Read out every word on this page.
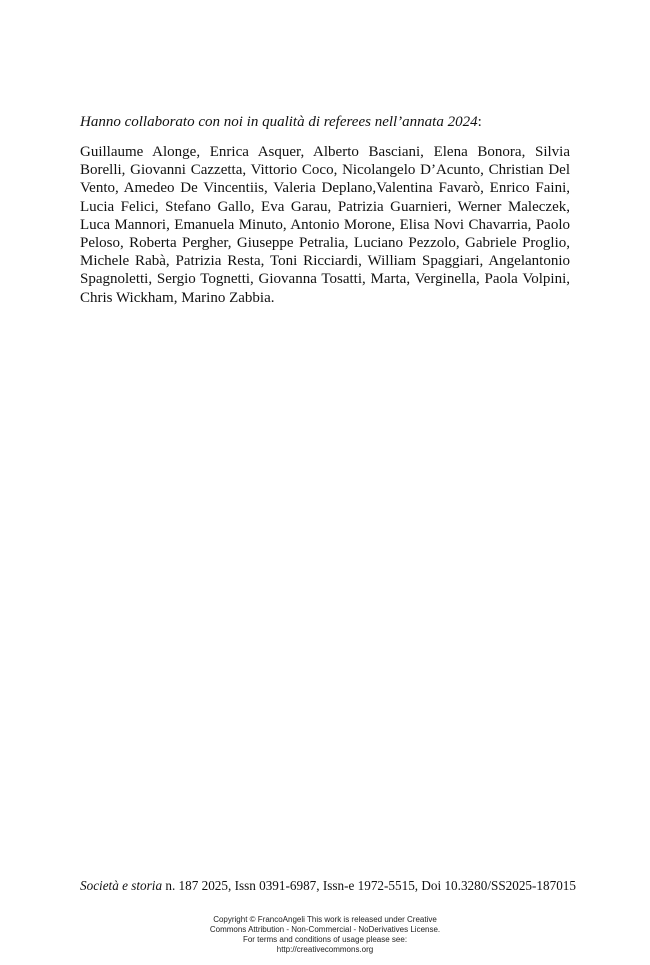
Hanno collaborato con noi in qualità di referees nell’annata 2024:
Guillaume Alonge, Enrica Asquer, Alberto Basciani, Elena Bonora, Silvia Borelli, Giovanni Cazzetta, Vittorio Coco, Nicolangelo D’Acunto, Christian Del Vento, Amedeo De Vincentiis, Valeria Deplano,Valentina Favarò, Enrico Faini, Lucia Felici, Stefano Gallo, Eva Garau, Patrizia Guarnieri, Werner Maleczek, Luca Mannori, Emanuela Minuto, Antonio Morone, Elisa Novi Chavarria, Paolo Peloso, Roberta Pergher, Giuseppe Petralia, Luciano Pezzolo, Gabriele Proglio, Michele Rabà, Patrizia Resta, Toni Ricciardi, William Spaggiari, Angelantonio Spagnoletti, Sergio Tognetti, Giovanna Tosatti, Marta, Verginella, Paola Volpini, Chris Wickham, Marino Zabbia.
Società e storia n. 187 2025, Issn 0391-6987, Issn-e 1972-5515, Doi 10.3280/SS2025-187015
Copyright © FrancoAngeli This work is released under Creative
Commons Attribution - Non-Commercial - NoDerivatives License.
For terms and conditions of usage please see:
http://creativecommons.org
